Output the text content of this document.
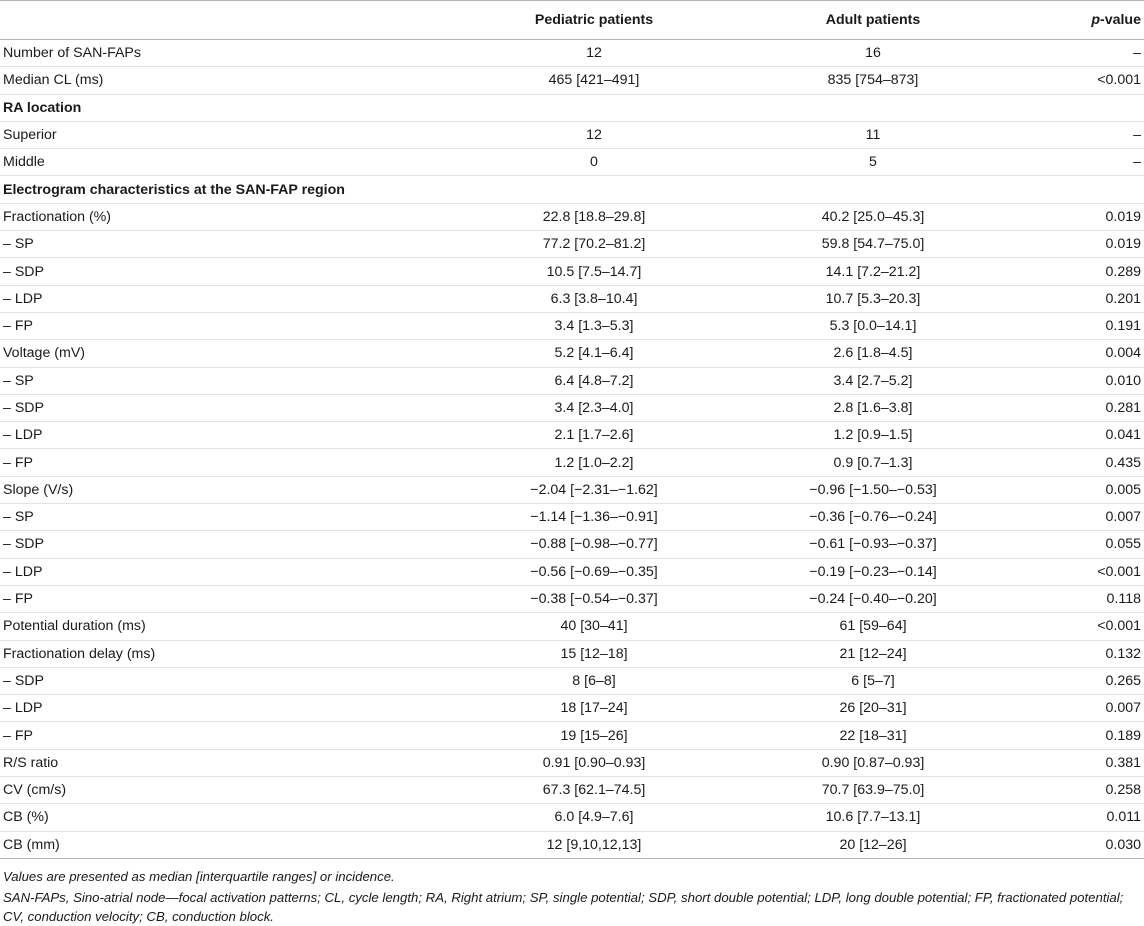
	Pediatric patients	Adult patients	p-value
Number of SAN-FAPs	12	16	–
Median CL (ms)	465 [421–491]	835 [754–873]	<0.001
RA location			
Superior	12	11	–
Middle	0	5	–
Electrogram characteristics at the SAN-FAP region			
Fractionation (%)	22.8 [18.8–29.8]	40.2 [25.0–45.3]	0.019
– SP	77.2 [70.2–81.2]	59.8 [54.7–75.0]	0.019
– SDP	10.5 [7.5–14.7]	14.1 [7.2–21.2]	0.289
– LDP	6.3 [3.8–10.4]	10.7 [5.3–20.3]	0.201
– FP	3.4 [1.3–5.3]	5.3 [0.0–14.1]	0.191
Voltage (mV)	5.2 [4.1–6.4]	2.6 [1.8–4.5]	0.004
– SP	6.4 [4.8–7.2]	3.4 [2.7–5.2]	0.010
– SDP	3.4 [2.3–4.0]	2.8 [1.6–3.8]	0.281
– LDP	2.1 [1.7–2.6]	1.2 [0.9–1.5]	0.041
– FP	1.2 [1.0–2.2]	0.9 [0.7–1.3]	0.435
Slope (V/s)	−2.04 [−2.31–−1.62]	−0.96 [−1.50–−0.53]	0.005
– SP	−1.14 [−1.36–−0.91]	−0.36 [−0.76–−0.24]	0.007
– SDP	−0.88 [−0.98–−0.77]	−0.61 [−0.93–−0.37]	0.055
– LDP	−0.56 [−0.69–−0.35]	−0.19 [−0.23–−0.14]	<0.001
– FP	−0.38 [−0.54–−0.37]	−0.24 [−0.40–−0.20]	0.118
Potential duration (ms)	40 [30–41]	61 [59–64]	<0.001
Fractionation delay (ms)	15 [12–18]	21 [12–24]	0.132
– SDP	8 [6–8]	6 [5–7]	0.265
– LDP	18 [17–24]	26 [20–31]	0.007
– FP	19 [15–26]	22 [18–31]	0.189
R/S ratio	0.91 [0.90–0.93]	0.90 [0.87–0.93]	0.381
CV (cm/s)	67.3 [62.1–74.5]	70.7 [63.9–75.0]	0.258
CB (%)	6.0 [4.9–7.6]	10.6 [7.7–13.1]	0.011
CB (mm)	12 [9,10,12,13]	20 [12–26]	0.030

Values are presented as median [interquartile ranges] or incidence.

SAN-FAPs, Sino-atrial node—focal activation patterns; CL, cycle length; RA, Right atrium; SP, single potential; SDP, short double potential; LDP, long double potential; FP, fractionated potential; CV, conduction velocity; CB, conduction block.
